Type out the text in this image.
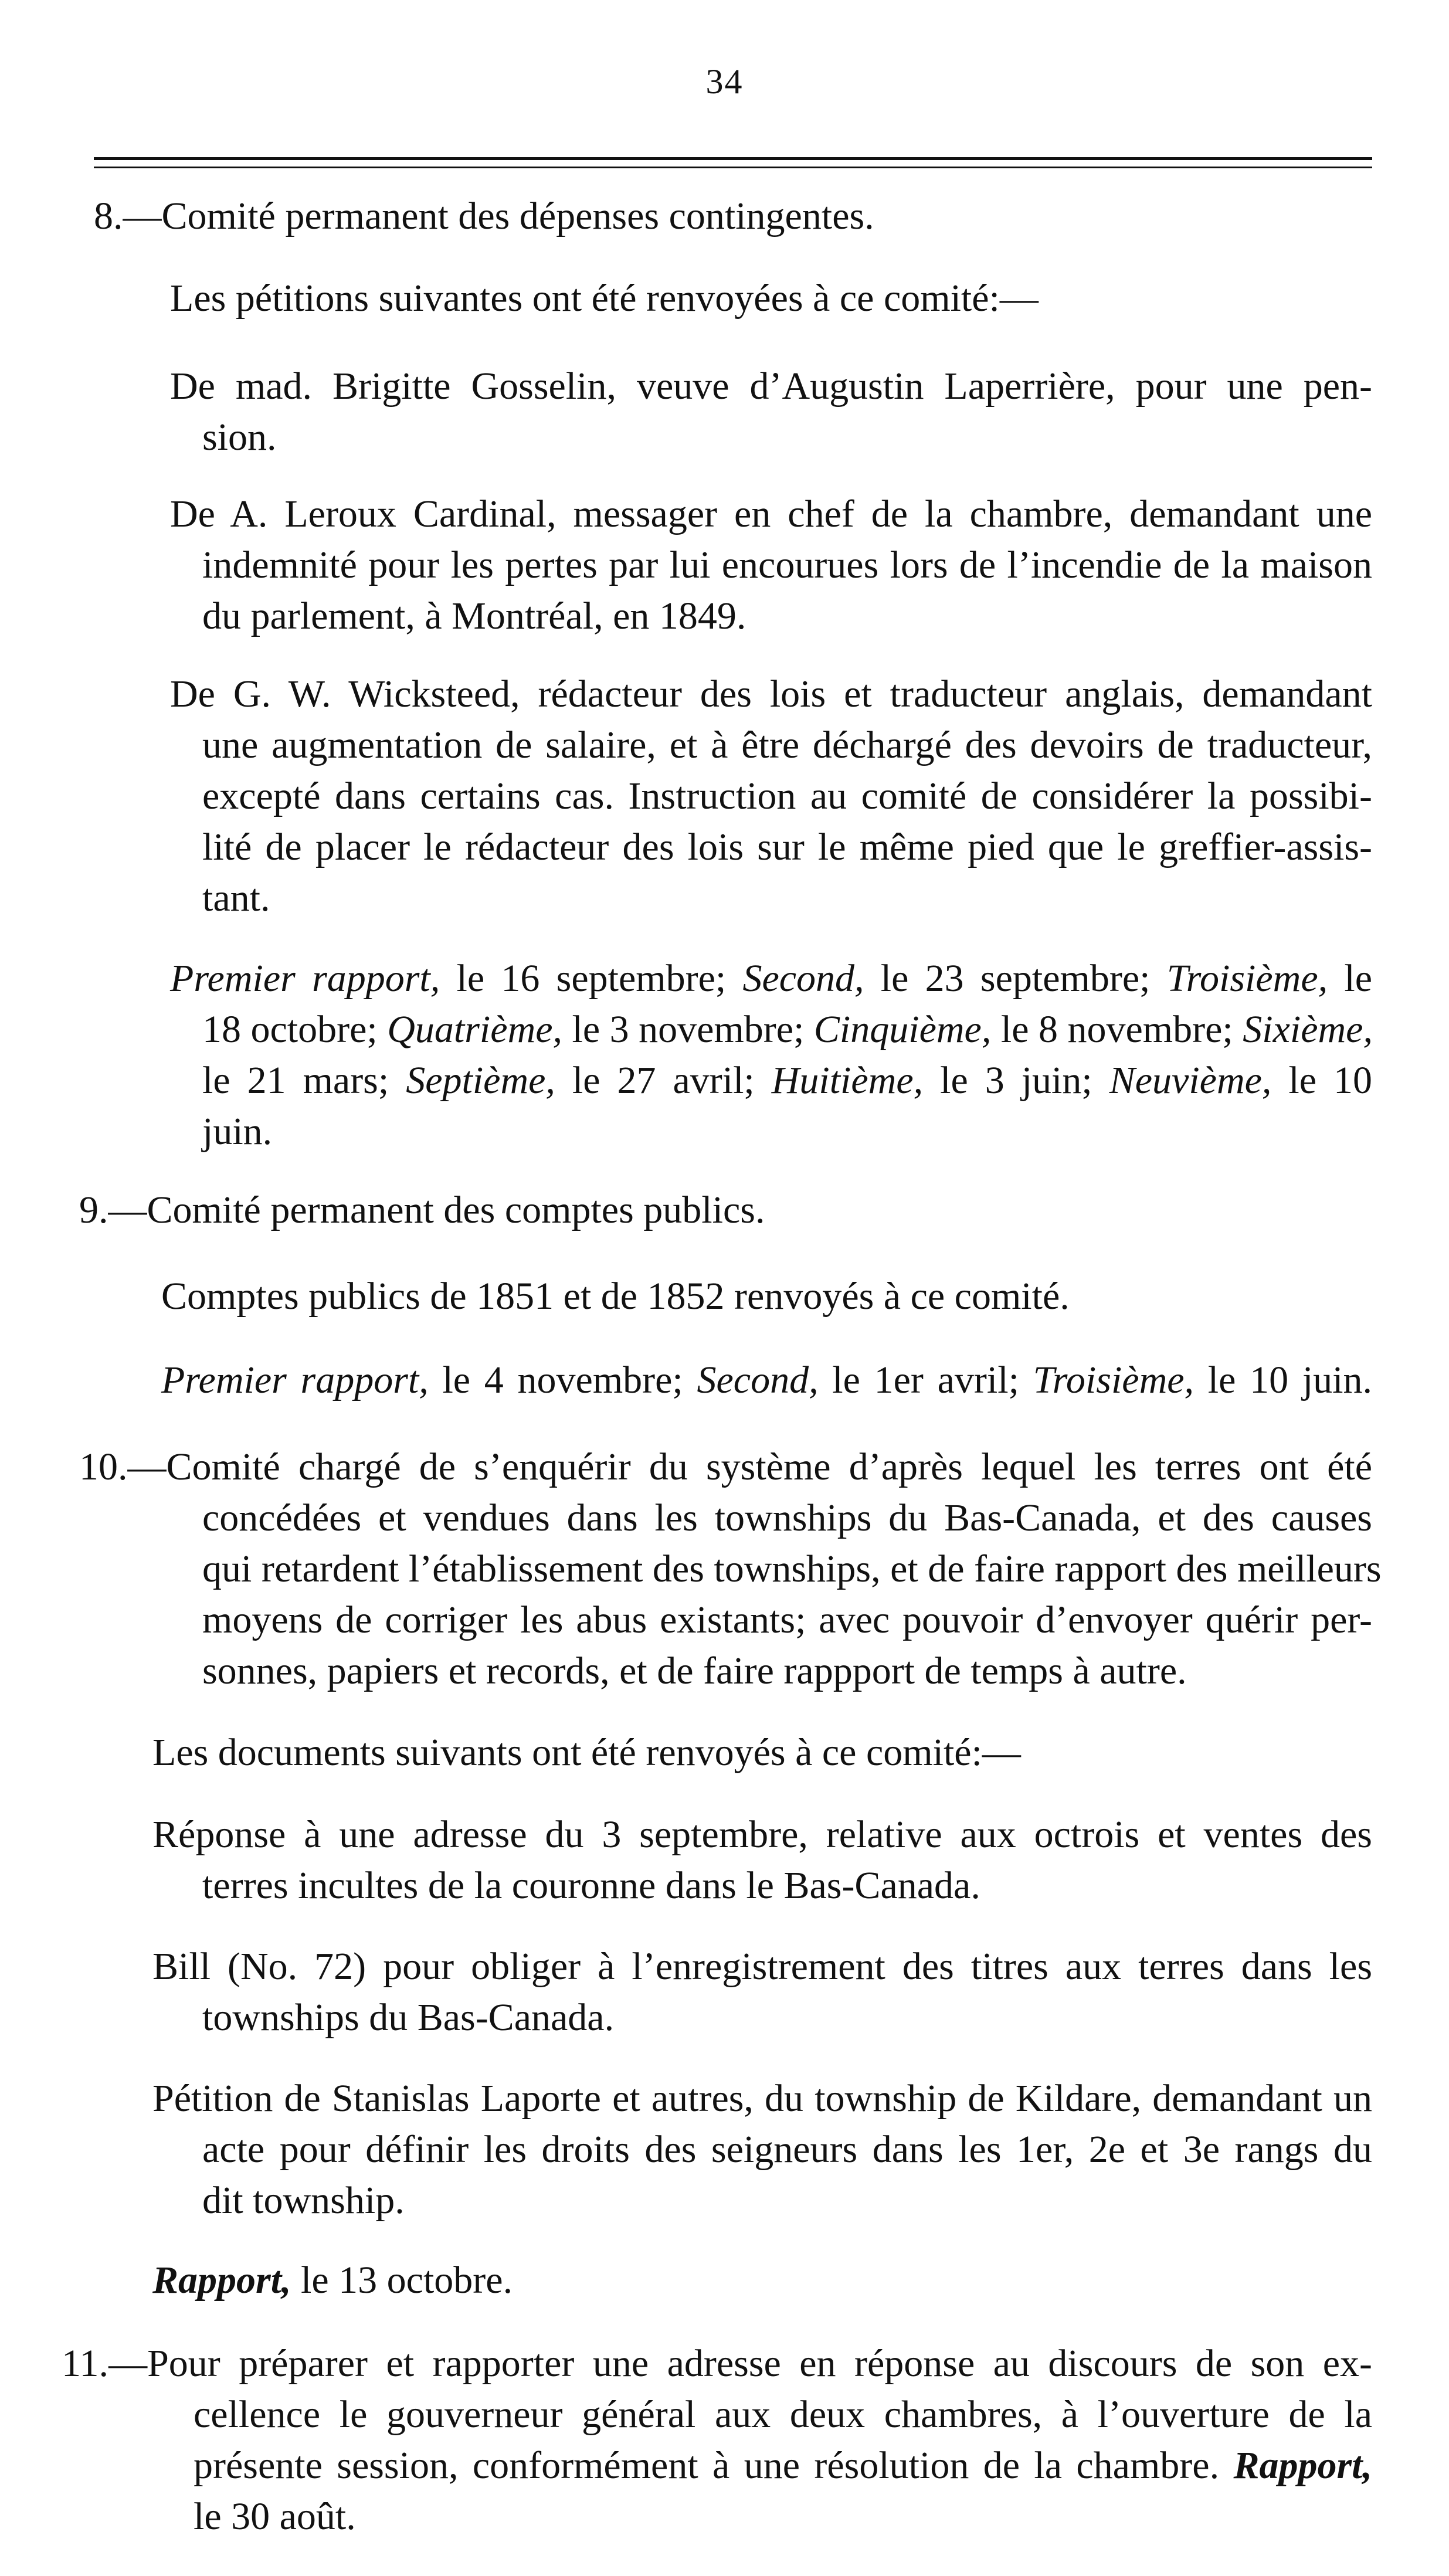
34
8.—Comité permanent des dépenses contingentes.
Les pétitions suivantes ont été renvoyées à ce comité:—
De mad. Brigitte Gosselin, veuve d’Augustin Laperrière, pour une pen-
sion.
De A. Leroux Cardinal, messager en chef de la chambre, demandant une
indemnité pour les pertes par lui encourues lors de l’incendie de la maison
du parlement, à Montréal, en 1849.
De G. W. Wicksteed, rédacteur des lois et traducteur anglais, demandant
une augmentation de salaire, et à être déchargé des devoirs de traducteur,
excepté dans certains cas. Instruction au comité de considérer la possibi-
lité de placer le rédacteur des lois sur le même pied que le greffier-assis-
tant.
Premier rapport, le 16 septembre; Second, le 23 septembre; Troisième, le
18 octobre; Quatrième, le 3 novembre; Cinquième, le 8 novembre; Sixième,
le 21 mars; Septième, le 27 avril; Huitième, le 3 juin; Neuvième, le 10
juin.
9.—Comité permanent des comptes publics.
Comptes publics de 1851 et de 1852 renvoyés à ce comité.
Premier rapport, le 4 novembre; Second, le 1er avril; Troisième, le 10 juin.
10.—Comité chargé de s’enquérir du système d’après lequel les terres ont été
concédées et vendues dans les townships du Bas-Canada, et des causes
qui retardent l’établissement des townships, et de faire rapport des meilleurs
moyens de corriger les abus existants; avec pouvoir d’envoyer quérir per-
sonnes, papiers et records, et de faire rappport de temps à autre.
Les documents suivants ont été renvoyés à ce comité:—
Réponse à une adresse du 3 septembre, relative aux octrois et ventes des
terres incultes de la couronne dans le Bas-Canada.
Bill (No. 72) pour obliger à l’enregistrement des titres aux terres dans les
townships du Bas-Canada.
Pétition de Stanislas Laporte et autres, du township de Kildare, demandant un
acte pour définir les droits des seigneurs dans les 1er, 2e et 3e rangs du
dit township.
Rapport, le 13 octobre.
11.—Pour préparer et rapporter une adresse en réponse au discours de son ex-
cellence le gouverneur général aux deux chambres, à l’ouverture de la
présente session, conformément à une résolution de la chambre. Rapport,
le 30 août.
